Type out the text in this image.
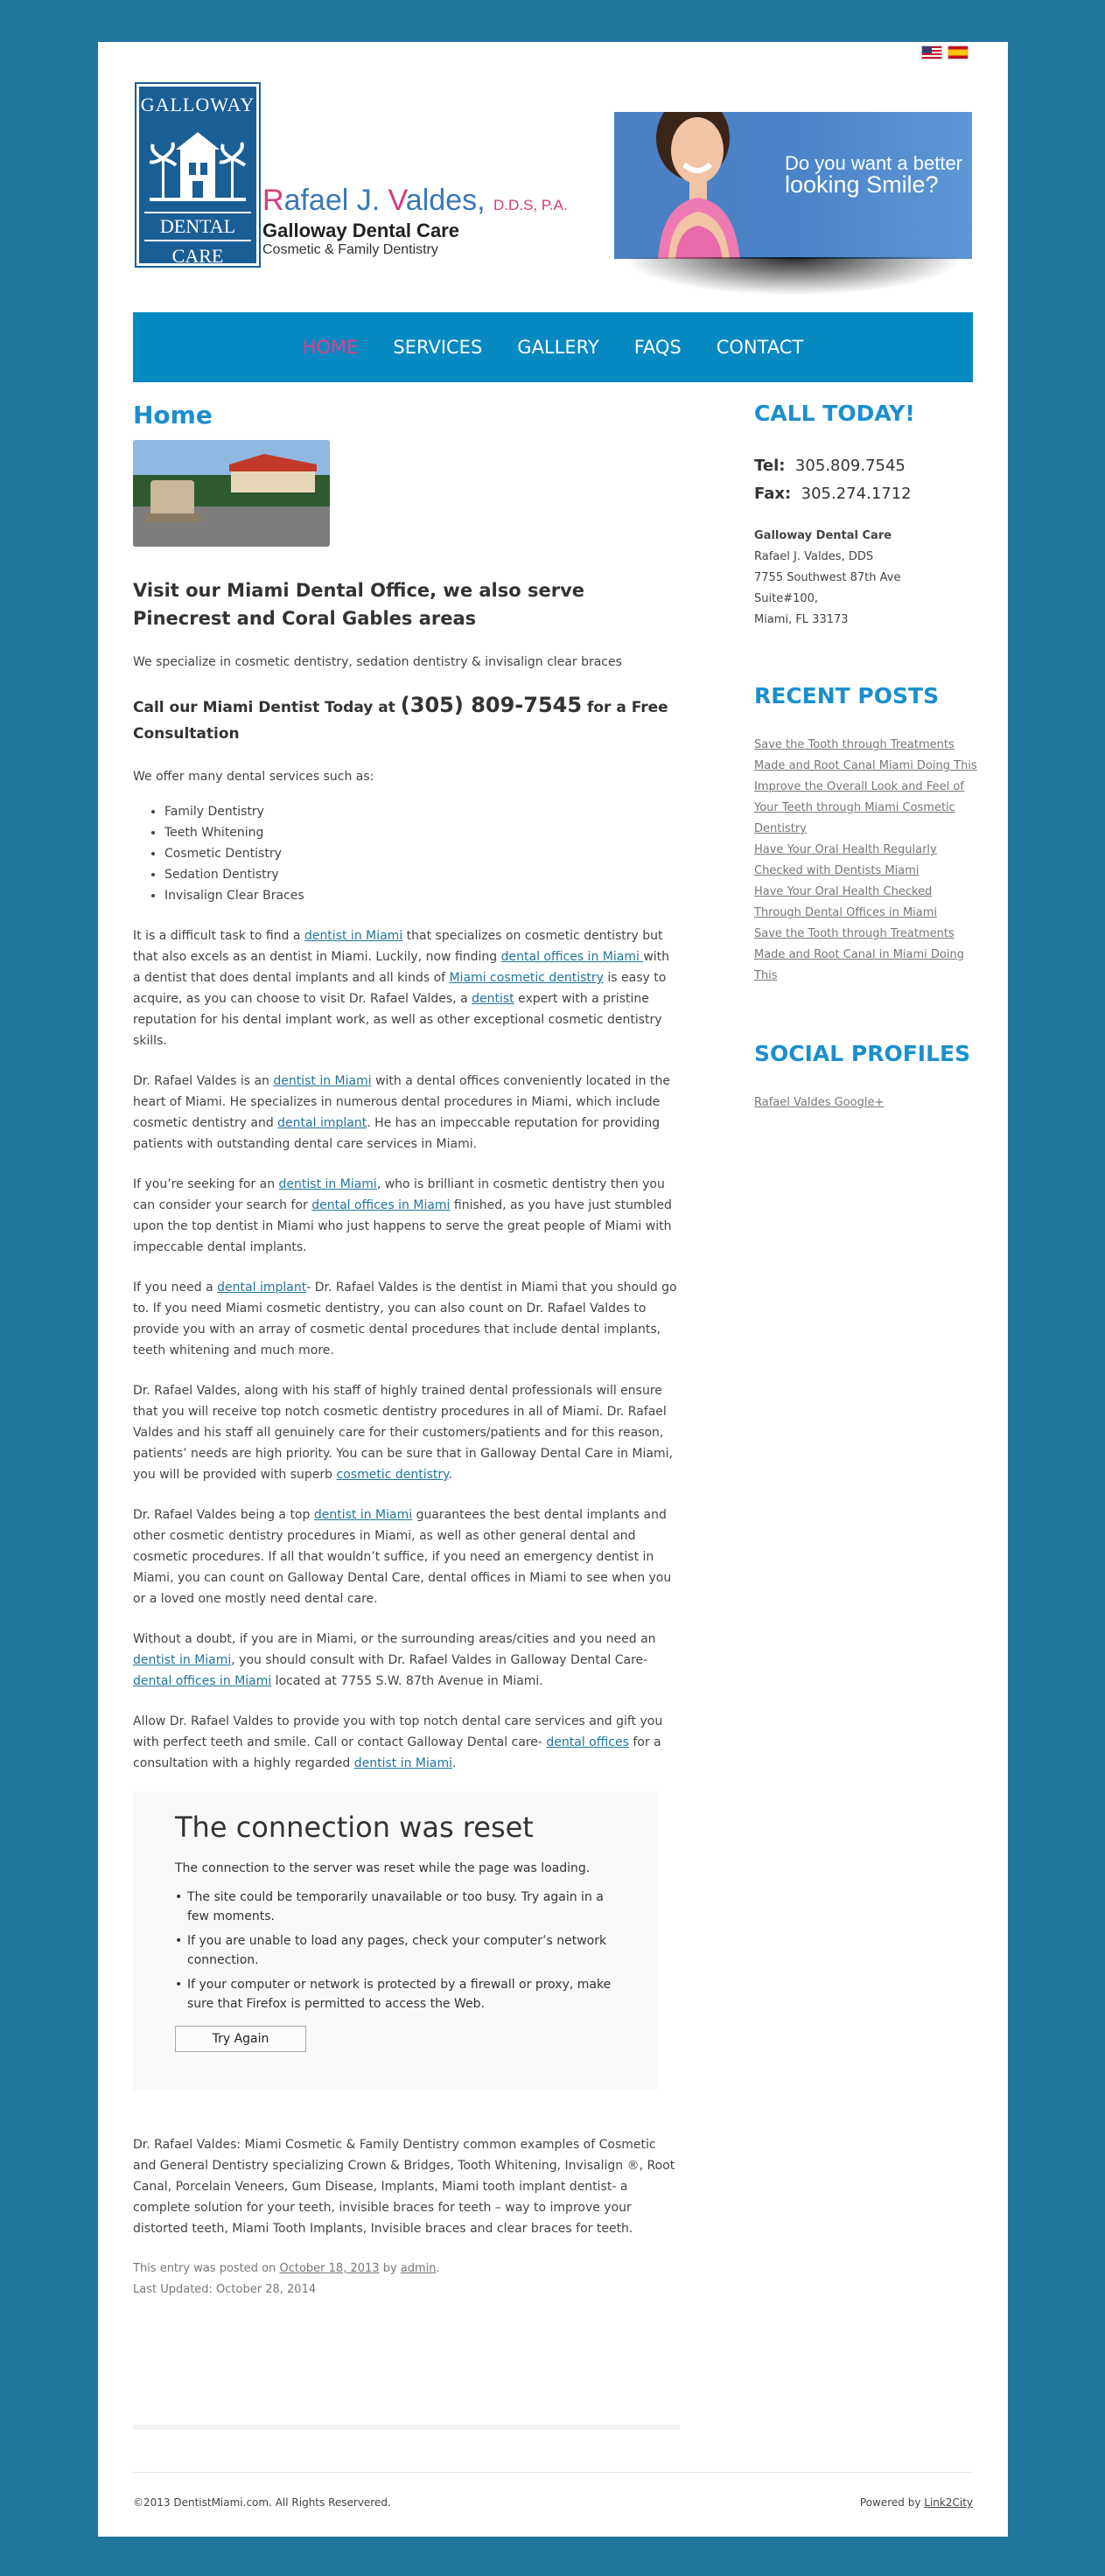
GALLOWAY
DENTAL
CARE
Rafael J. Valdes, D.D.S, P.A.
Galloway Dental Care
Cosmetic & Family Dentistry
Do you want a better
looking Smile?
HOME SERVICES GALLERY FAQS CONTACT
Home
Visit our Miami Dental Office, we also serve Pinecrest and Coral Gables areas

We specialize in cosmetic dentistry, sedation dentistry & invisalign clear braces

Call our Miami Dentist Today at (305) 809-7545 for a Free Consultation

We offer many dental services such as:

• Family Dentistry
• Teeth Whitening
• Cosmetic Dentistry
• Sedation Dentistry
• Invisalign Clear Braces

It is a difficult task to find a dentist in Miami that specializes on cosmetic dentistry but that also excels as an dentist in Miami. Luckily, now finding dental offices in Miami with a dentist that does dental implants and all kinds of Miami cosmetic dentistry is easy to acquire, as you can choose to visit Dr. Rafael Valdes, a dentist expert with a pristine reputation for his dental implant work, as well as other exceptional cosmetic dentistry skills.

Dr. Rafael Valdes is an dentist in Miami with a dental offices conveniently located in the heart of Miami. He specializes in numerous dental procedures in Miami, which include cosmetic dentistry and dental implant. He has an impeccable reputation for providing patients with outstanding dental care services in Miami.

If you’re seeking for an dentist in Miami, who is brilliant in cosmetic dentistry then you can consider your search for dental offices in Miami finished, as you have just stumbled upon the top dentist in Miami who just happens to serve the great people of Miami with impeccable dental implants.

If you need a dental implant- Dr. Rafael Valdes is the dentist in Miami that you should go to. If you need Miami cosmetic dentistry, you can also count on Dr. Rafael Valdes to provide you with an array of cosmetic dental procedures that include dental implants, teeth whitening and much more.

Dr. Rafael Valdes, along with his staff of highly trained dental professionals will ensure that you will receive top notch cosmetic dentistry procedures in all of Miami. Dr. Rafael Valdes and his staff all genuinely care for their customers/patients and for this reason, patients’ needs are high priority. You can be sure that in Galloway Dental Care in Miami, you will be provided with superb cosmetic dentistry.

Dr. Rafael Valdes being a top dentist in Miami guarantees the best dental implants and other cosmetic dentistry procedures in Miami, as well as other general dental and cosmetic procedures. If all that wouldn’t suffice, if you need an emergency dentist in Miami, you can count on Galloway Dental Care, dental offices in Miami to see when you or a loved one mostly need dental care.

Without a doubt, if you are in Miami, or the surrounding areas/cities and you need an dentist in Miami, you should consult with Dr. Rafael Valdes in Galloway Dental Care- dental offices in Miami located at 7755 S.W. 87th Avenue in Miami.

Allow Dr. Rafael Valdes to provide you with top notch dental care services and gift you with perfect teeth and smile. Call or contact Galloway Dental care- dental offices for a consultation with a highly regarded dentist in Miami.

The connection was reset

The connection to the server was reset while the page was loading.

• The site could be temporarily unavailable or too busy. Try again in a few moments.
• If you are unable to load any pages, check your computer’s network connection.
• If your computer or network is protected by a firewall or proxy, make sure that Firefox is permitted to access the Web.
Try Again

Dr. Rafael Valdes: Miami Cosmetic & Family Dentistry common examples of Cosmetic and General Dentistry specializing Crown & Bridges, Tooth Whitening, Invisalign ®, Root Canal, Porcelain Veneers, Gum Disease, Implants, Miami tooth implant dentist- a complete solution for your teeth, invisible braces for teeth – way to improve your distorted teeth, Miami Tooth Implants, Invisible braces and clear braces for teeth.

This entry was posted on October 18, 2013 by admin.
Last Updated: October 28, 2014
CALL TODAY!
Tel: 305.809.7545
Fax: 305.274.1712
Galloway Dental Care
Rafael J. Valdes, DDS
7755 Southwest 87th Ave
Suite#100,
Miami, FL 33173
RECENT POSTS
Save the Tooth through Treatments Made and Root Canal Miami Doing This
Improve the Overall Look and Feel of Your Teeth through Miami Cosmetic Dentistry
Have Your Oral Health Regularly Checked with Dentists Miami
Have Your Oral Health Checked Through Dental Offices in Miami
Save the Tooth through Treatments Made and Root Canal in Miami Doing This
SOCIAL PROFILES
Rafael Valdes Google+
©2013 DentistMiami.com. All Rights Reservered.	Powered by Link2City
